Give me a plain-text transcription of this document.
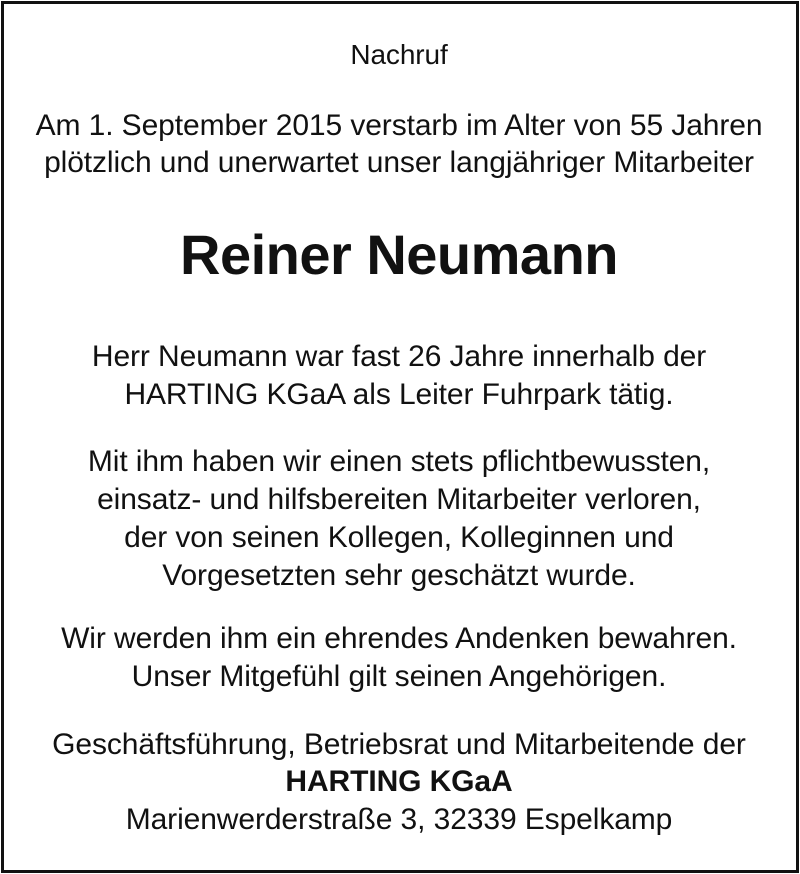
Nachruf
Am 1. September 2015 verstarb im Alter von 55 Jahren
plötzlich und unerwartet unser langjähriger Mitarbeiter
Reiner Neumann
Herr Neumann war fast 26 Jahre innerhalb der
HARTING KGaA als Leiter Fuhrpark tätig.
Mit ihm haben wir einen stets pflichtbewussten,
einsatz- und hilfsbereiten Mitarbeiter verloren,
der von seinen Kollegen, Kolleginnen und
Vorgesetzten sehr geschätzt wurde.
Wir werden ihm ein ehrendes Andenken bewahren.
Unser Mitgefühl gilt seinen Angehörigen.
Geschäftsführung, Betriebsrat und Mitarbeitende der
HARTING KGaA
Marienwerderstraße 3, 32339 Espelkamp
